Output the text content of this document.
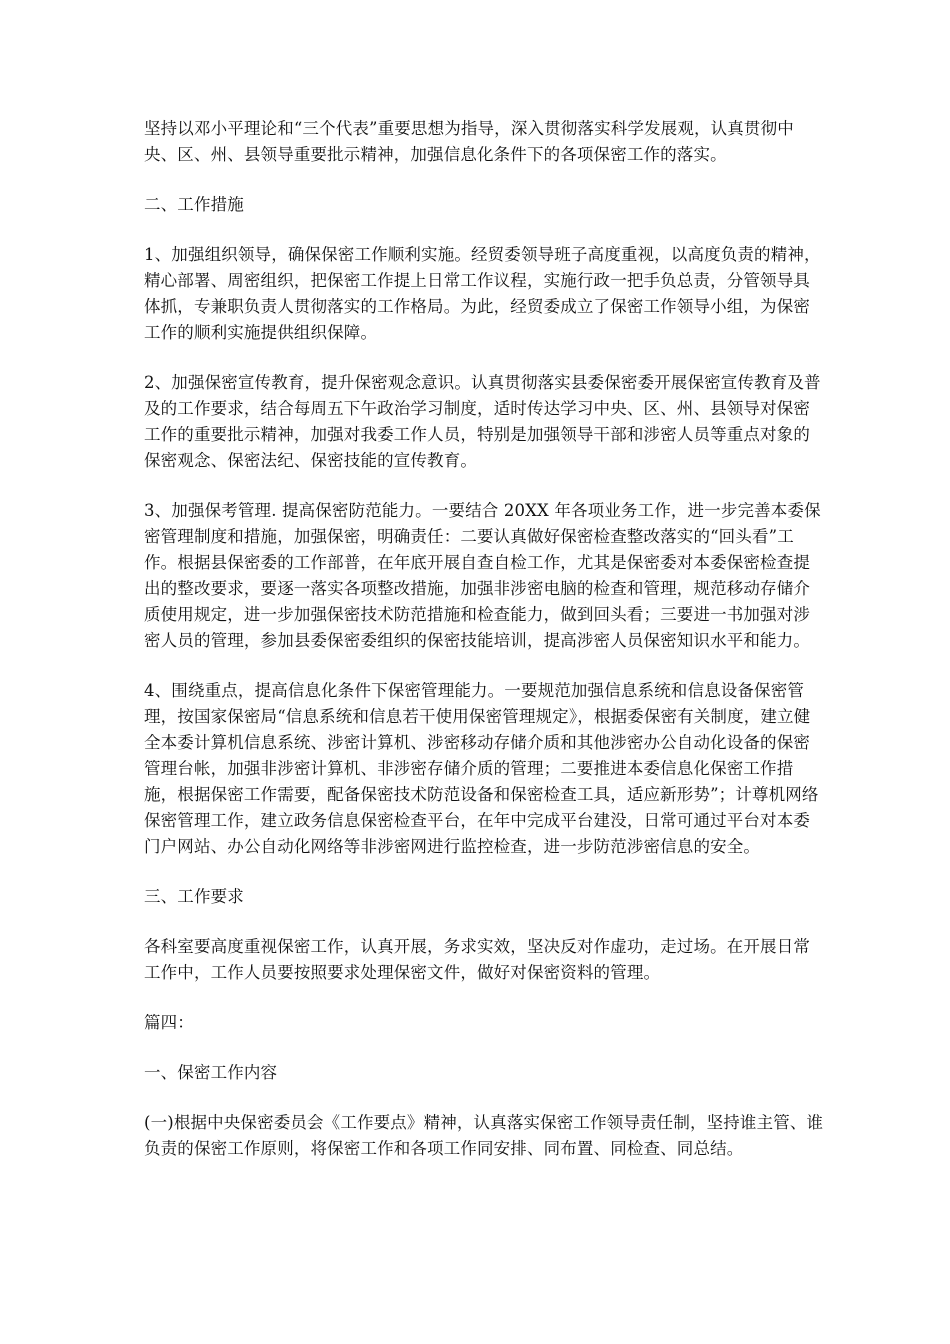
坚持以邓小平理论和“三个代表”重要思想为指导，深入贯彻落实科学发展观，认真贯彻中央、区、州、县领导重要批示精神，加强信息化条件下的各项保密工作的落实。

二、工作措施

1、加强组织领导，确保保密工作顺利实施。经贸委领导班子高度重视，以高度负责的精神，精心部署、周密组织，把保密工作提上日常工作议程，实施行政一把手负总责，分管领导具体抓，专兼职负责人贯彻落实的工作格局。为此，经贸委成立了保密工作领导小组，为保密工作的顺利实施提供组织保障。

2、加强保密宣传教育，提升保密观念意识。认真贯彻落实县委保密委开展保密宣传教育及普及的工作要求，结合每周五下午政治学习制度，适时传达学习中央、区、州、县领导对保密工作的重要批示精神，加强对我委工作人员，特别是加强领导干部和涉密人员等重点对象的保密观念、保密法纪、保密技能的宣传教育。

3、加强保考管理. 提高保密防范能力。一要结合 20XX 年各项业务工作，进一步完善本委保密管理制度和措施，加强保密，明确责任：二要认真做好保密检查整改落实的“回头看”工作。根据县保密委的工作部普，在年底开展自查自检工作，尤其是保密委对本委保密检查提出的整改要求，要逐一落实各项整改措施，加强非涉密电脑的检查和管理，规范移动存储介质使用规定，进一步加强保密技术防范措施和检查能力，做到回头看；三要进一书加强对涉密人员的管理，参加县委保密委组织的保密技能培训，提高涉密人员保密知识水平和能力。

4、围绕重点，提高信息化条件下保密管理能力。一要规范加强信息系统和信息设备保密管理，按国家保密局“信息系统和信息若干使用保密管理规定》，根据委保密有关制度，建立健全本委计算机信息系统、涉密计算机、涉密移动存储介质和其他涉密办公自动化设备的保密管理台帐，加强非涉密计算机、非涉密存储介质的管理；二要推进本委信息化保密工作措施，根据保密工作需要，配备保密技术防范设备和保密检查工具，适应新形势”；计尊机网络保密管理工作，建立政务信息保密检查平台，在年中完成平台建没，日常可通过平台对本委门户网站、办公自动化网络等非涉密网进行监控检查，进一步防范涉密信息的安全。

三、工作要求

各科室要高度重视保密工作，认真开展，务求实效，坚决反对作虚功，走过场。在开展日常工作中，工作人员要按照要求处理保密文件，做好对保密资料的管理。

篇四：

一、保密工作内容

(一)根据中央保密委员会《工作要点》精神，认真落实保密工作领导责任制，坚持谁主管、谁负责的保密工作原则，将保密工作和各项工作同安排、同布置、同检查、同总结。
